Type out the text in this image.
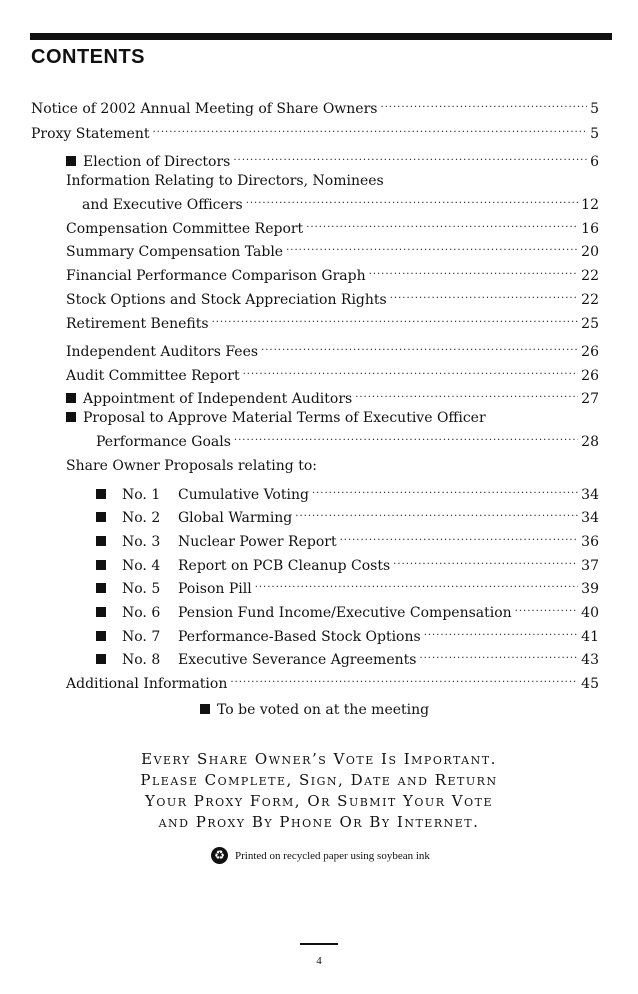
CONTENTS
Notice of 2002 Annual Meeting of Share Owners .....	5
Proxy Statement .....	5
Election of Directors .....	6
Information Relating to Directors, Nominees
and Executive Officers .....	12
Compensation Committee Report .....	16
Summary Compensation Table .....	20
Financial Performance Comparison Graph .....	22
Stock Options and Stock Appreciation Rights .....	22
Retirement Benefits .....	25
Independent Auditors Fees .....	26
Audit Committee Report .....	26
Appointment of Independent Auditors .....	27
Proposal to Approve Material Terms of Executive Officer
Performance Goals .....	28
Share Owner Proposals relating to:
No. 1	Cumulative Voting .....	34
No. 2	Global Warming .....	34
No. 3	Nuclear Power Report .....	36
No. 4	Report on PCB Cleanup Costs .....	37
No. 5	Poison Pill .....	39
No. 6	Pension Fund Income/Executive Compensation .....	40
No. 7	Performance-Based Stock Options .....	41
No. 8	Executive Severance Agreements .....	43
Additional Information .....	45
To be voted on at the meeting
Every Share Owner’s Vote Is Important.
Please Complete, Sign, Date and Return
Your Proxy Form, Or Submit Your Vote
and Proxy By Phone Or By Internet.
♻ Printed on recycled paper using soybean ink
4
